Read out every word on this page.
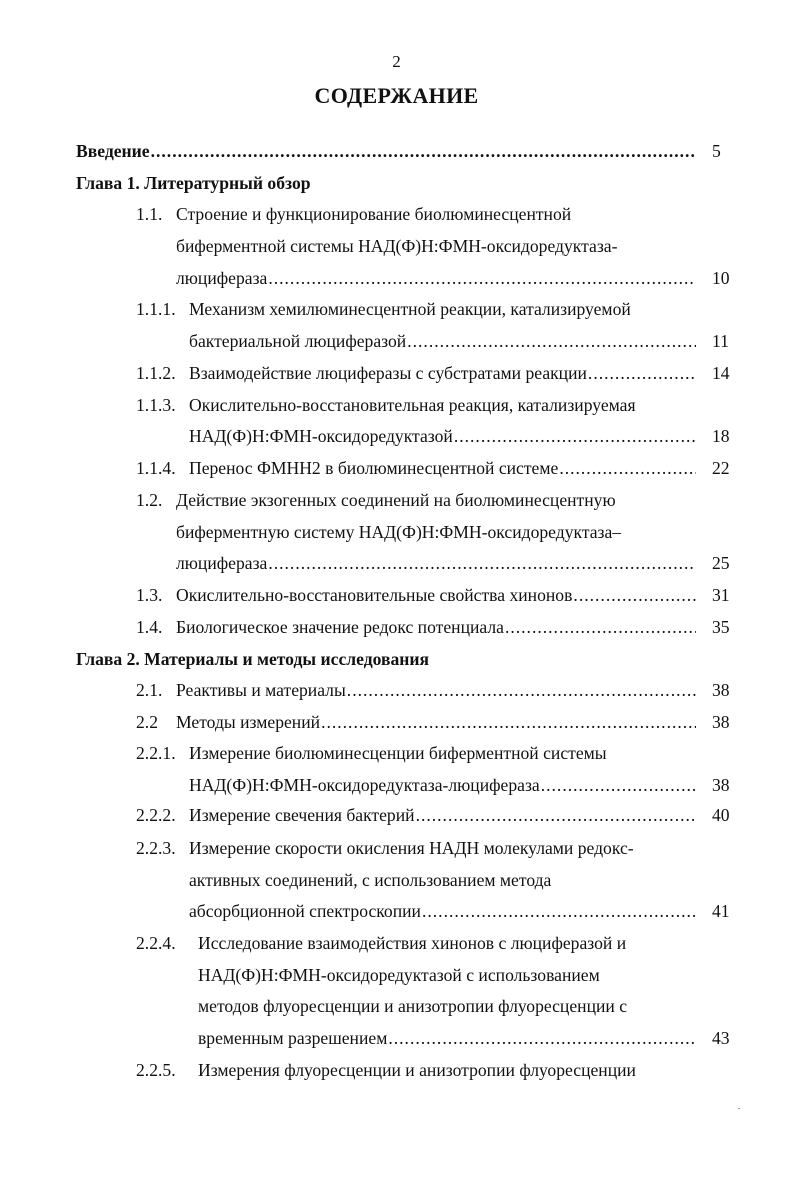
2
СОДЕРЖАНИЕ
Введение .....	5
Глава 1. Литературный обзор
1.1. Строение и функционирование биолюминесцентной
биферментной системы НАД(Ф)Н:ФМН-оксидоредуктаза-
люцифераза .....	10
1.1.1. Механизм хемилюминесцентной реакции, катализируемой
бактериальной люциферазой .....	11
1.1.2. Взаимодействие люциферазы с субстратами реакции .....	14
1.1.3. Окислительно-восстановительная реакция, катализируемая
НАД(Ф)Н:ФМН-оксидоредуктазой .....	18
1.1.4. Перенос ФМНН2 в биолюминесцентной системе .....	22
1.2. Действие экзогенных соединений на биолюминесцентную
биферментную систему НАД(Ф)Н:ФМН-оксидоредуктаза–
люцифераза .....	25
1.3. Окислительно-восстановительные свойства хинонов .....	31
1.4. Биологическое значение редокс потенциала .....	35
Глава 2. Материалы и методы исследования
2.1. Реактивы и материалы .....	38
2.2 Методы измерений .....	38
2.2.1. Измерение биолюминесценции биферментной системы
НАД(Ф)Н:ФМН-оксидоредуктаза-люцифераза .....	38
2.2.2. Измерение свечения бактерий .....	40
2.2.3. Измерение скорости окисления НАДН молекулами редокс-
активных соединений, с использованием метода
абсорбционной спектроскопии .....	41
2.2.4. Исследование взаимодействия хинонов с люциферазой и
НАД(Ф)Н:ФМН-оксидоредуктазой с использованием
методов флуоресценции и анизотропии флуоресценции с
временным разрешением .....	43
2.2.5. Измерения флуоресценции и анизотропии флуоресценции
